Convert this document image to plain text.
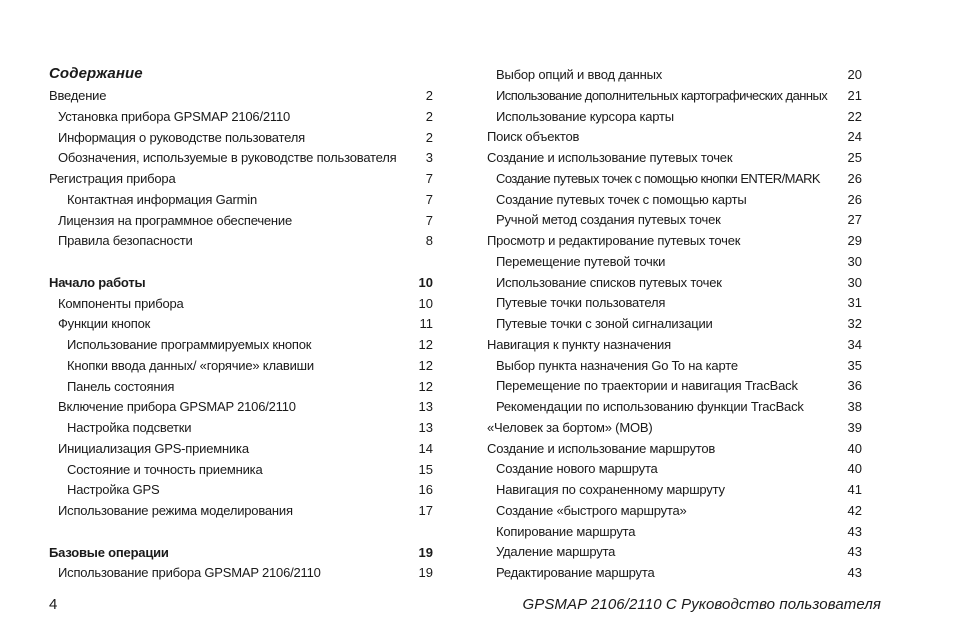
Содержание
Введение	2
Установка прибора GPSMAP 2106/2110	2
Информация о руководстве пользователя	2
Обозначения, используемые в руководстве пользователя 3
Регистрация прибора	7
Контактная информация Garmin	7
Лицензия на программное обеспечение	7
Правила безопасности	8
Начало работы	10
Компоненты прибора	10
Функции кнопок	11
Использование программируемых кнопок	12
Кнопки ввода данных/ «горячие» клавиши	12
Панель состояния	12
Включение прибора GPSMAP 2106/2110	13
Настройка подсветки	13
Инициализация GPS-приемника	14
Состояние и точность приемника	15
Настройка GPS	16
Использование режима моделирования	17
Базовые операции	19
Использование прибора GPSMAP 2106/2110	19
Выбор опций и ввод данных	20
Использование дополнительных картографических данных 21
Использование курсора карты	22
Поиск объектов	24
Создание и использование путевых точек	25
Создание путевых точек с помощью кнопки ENTER/MARK 26
Создание путевых точек с помощью карты	26
Ручной метод создания путевых точек	27
Просмотр и редактирование путевых точек	29
Перемещение путевой точки	30
Использование списков путевых точек	30
Путевые точки пользователя	31
Путевые точки с зоной сигнализации	32
Навигация к пункту назначения	34
Выбор пункта назначения Go To на карте	35
Перемещение по траектории и навигация TracBack	36
Рекомендации по использованию функции TracBack	38
«Человек за бортом» (MOB)	39
Создание и использование маршрутов	40
Создание нового маршрута	40
Навигация по сохраненному маршруту	41
Создание «быстрого маршрута»	42
Копирование маршрута	43
Удаление маршрута	43
Редактирование маршрута	43
4	GPSMAP 2106/2110 C Руководство пользователя
